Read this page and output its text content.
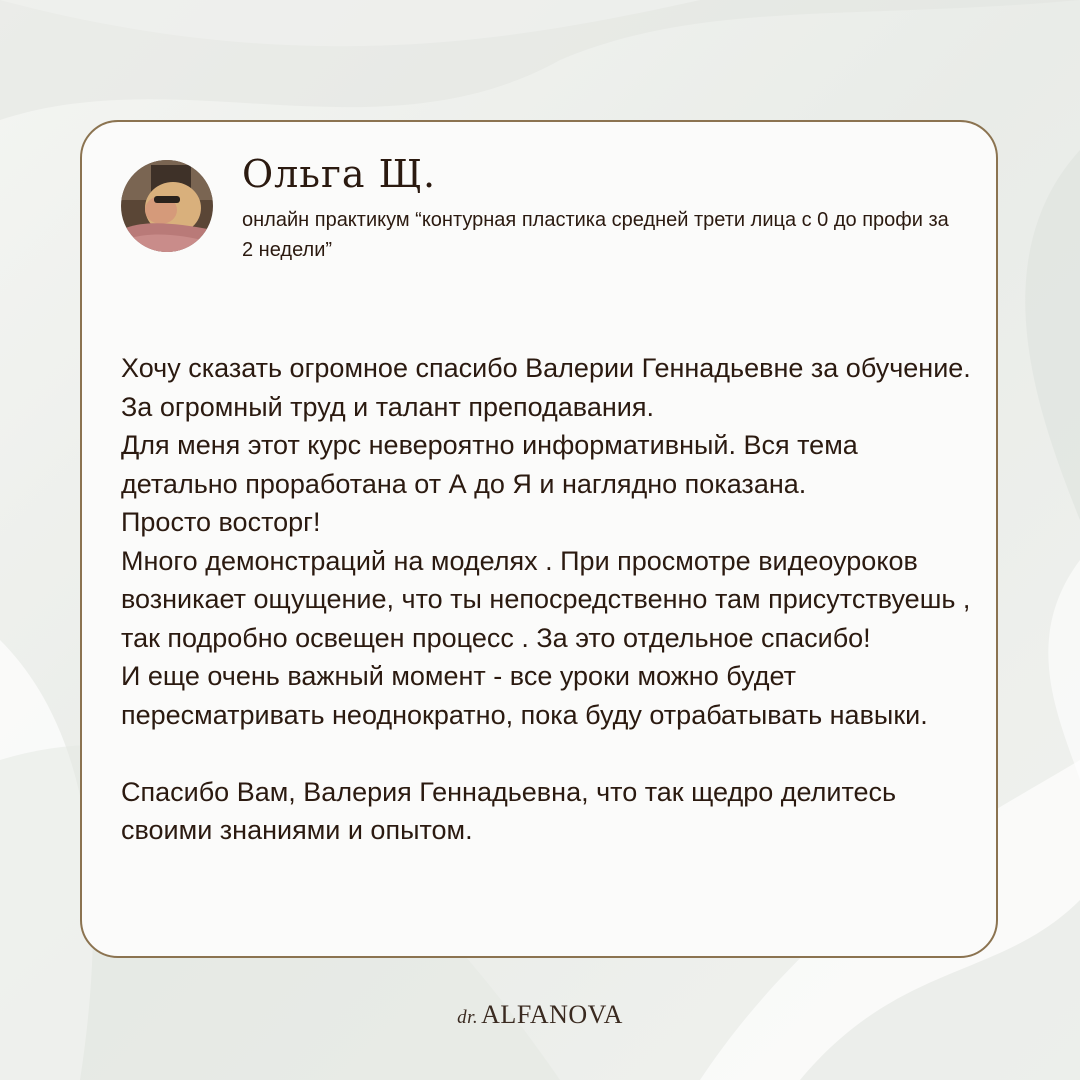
Ольга Щ.
онлайн практикум “контурная пластика средней трети лица с 0 до профи за 2 недели”

Хочу сказать огромное спасибо Валерии Геннадьевне за обучение. За огромный труд и талант преподавания.

Для меня этот курс невероятно информативный. Вся тема детально проработана от А до Я и наглядно показана.

Просто восторг!

Много демонстраций на моделях . При просмотре видеоуроков возникает ощущение, что ты непосредственно там присутствуешь , так подробно освещен процесс . За это отдельное спасибо!

И еще очень важный момент - все уроки можно будет пересматривать неоднократно, пока буду отрабатывать навыки.

Спасибо Вам, Валерия Геннадьевна, что так щедро делитесь своими знаниями и опытом.

dr. ALFANOVA
